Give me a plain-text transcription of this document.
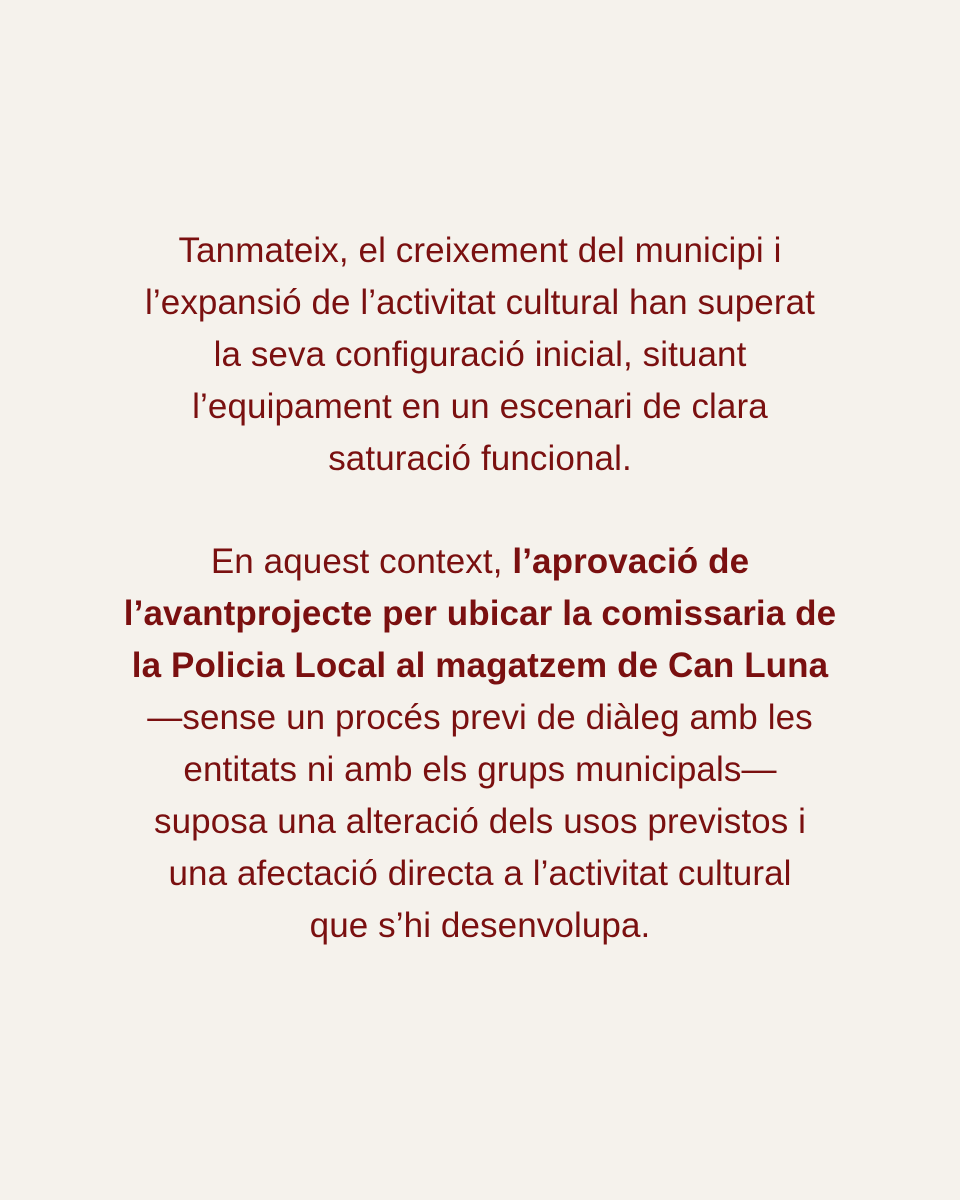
Tanmateix, el creixement del municipi i
l’expansió de l’activitat cultural han superat
la seva configuració inicial, situant
l’equipament en un escenari de clara
saturació funcional.
En aquest context, l’aprovació de
l’avantprojecte per ubicar la comissaria de
la Policia Local al magatzem de Can Luna
—sense un procés previ de diàleg amb les
entitats ni amb els grups municipals—
suposa una alteració dels usos previstos i
una afectació directa a l’activitat cultural
que s’hi desenvolupa.
